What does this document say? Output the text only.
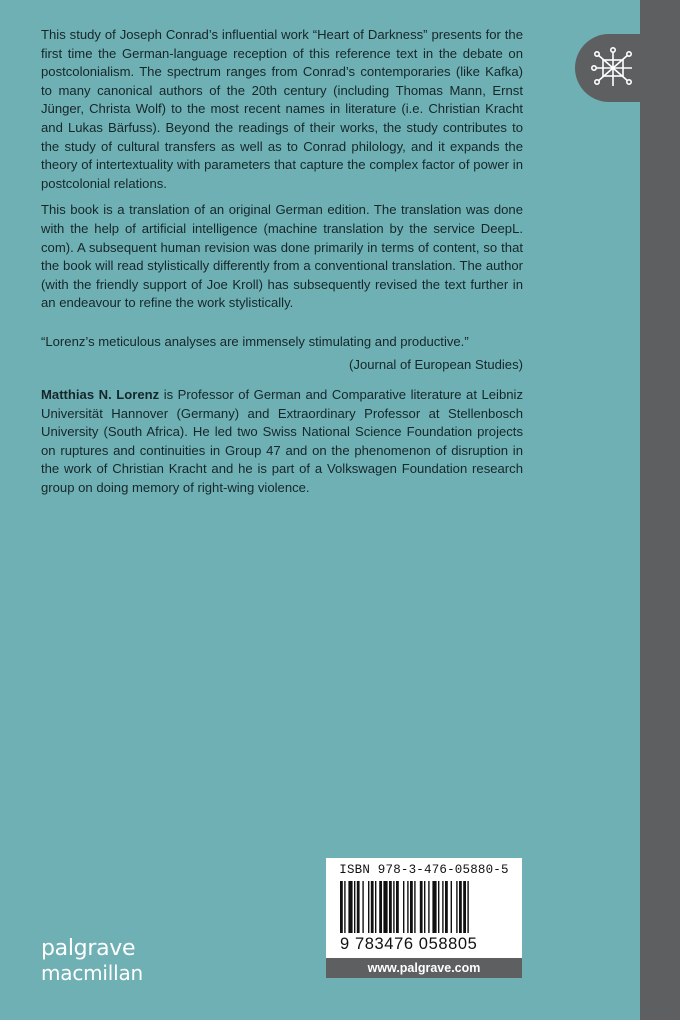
This study of Joseph Conrad’s influential work “Heart of Darkness” presents for the first time the German-language reception of this reference text in the debate on postcolonialism. The spectrum ranges from Conrad’s contemporaries (like Kafka) to many canonical authors of the 20th century (including Thomas Mann, Ernst Jünger, Christa Wolf) to the most recent names in literature (i.e. Christian Kracht and Lukas Bärfuss). Beyond the readings of their works, the study contributes to the study of cultural transfers as well as to Conrad philology, and it expands the theory of intertextuality with parameters that capture the complex factor of power in postcolonial relations.

This book is a translation of an original German edition. The translation was done with the help of artificial intelligence (machine translation by the service DeepL. com). A subsequent human revision was done primarily in terms of content, so that the book will read stylistically differently from a conventional translation. The author (with the friendly support of Joe Kroll) has subsequently revised the text further in an endeavour to refine the work stylistically.

“Lorenz’s meticulous analyses are immensely stimulating and productive.”

(Journal of European Studies)

Matthias N. Lorenz is Professor of German and Comparative literature at Leibniz Universität Hannover (Germany) and Extraordinary Professor at Stellenbosch University (South Africa). He led two Swiss National Science Foundation projects on ruptures and continuities in Group 47 and on the phenomenon of disruption in the work of Christian Kracht and he is part of a Volkswagen Foundation research group on doing memory of right-wing violence.

palgrave
macmillan
ISBN 978-3-476-05880-5
9 783476 058805
www.palgrave.com
